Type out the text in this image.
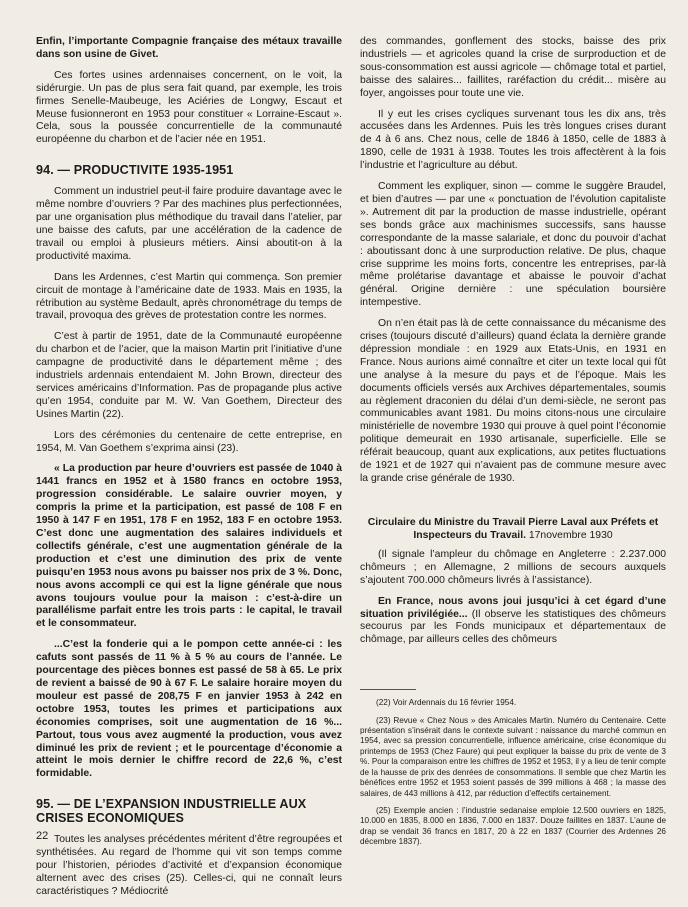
Enfin, l’importante Compagnie française des métaux travaille dans son usine de Givet.

Ces fortes usines ardennaises concernent, on le voit, la sidérurgie. Un pas de plus sera fait quand, par exemple, les trois firmes Senelle-Maubeuge, les Aciéries de Longwy, Escaut et Meuse fusionneront en 1953 pour constituer « Lorraine-Escaut ». Cela, sous la poussée concurrentielle de la communauté européenne du charbon et de l’acier née en 1951.

94. — PRODUCTIVITE 1935-1951

Comment un industriel peut-il faire produire davantage avec le même nombre d’ouvriers ? Par des machines plus perfectionnées, par une organisation plus méthodique du travail dans l’atelier, par une baisse des cafuts, par une accélération de la cadence de travail ou emploi à plusieurs métiers. Ainsi aboutit-on à la productivité maxima.

Dans les Ardennes, c’est Martin qui commença. Son premier circuit de montage à l’américaine date de 1933. Mais en 1935, la rétribution au système Bedault, après chronométrage du temps de travail, provoqua des grèves de protestation contre les normes.

C’est à partir de 1951, date de la Communauté européenne du charbon et de l’acier, que la maison Martin prit l’initiative d’une campagne de productivité dans le département même ; des industriels ardennais entendaient M. John Brown, directeur des services américains d’Information. Pas de propagande plus active qu’en 1954, conduite par M. W. Van Goethem, Directeur des Usines Martin (22).

Lors des cérémonies du centenaire de cette entreprise, en 1954, M. Van Goethem s’exprima ainsi (23).

« La production par heure d’ouvriers est passée de 1040 à 1441 francs en 1952 et à 1580 francs en octobre 1953, progression considérable. Le salaire ouvrier moyen, y compris la prime et la participation, est passé de 108 F en 1950 à 147 F en 1951, 178 F en 1952, 183 F en octobre 1953. C’est donc une augmentation des salaires individuels et collectifs générale, c’est une augmentation générale de la production et c’est une diminution des prix de vente puisqu’en 1953 nous avons pu baisser nos prix de 3 %. Donc, nous avons accompli ce qui est la ligne générale que nous avons toujours voulue pour la maison : c’est-à-dire un parallélisme parfait entre les trois parts : le capital, le travail et le consommateur.

...C’est la fonderie qui a le pompon cette année-ci : les cafuts sont passés de 11 % à 5 % au cours de l’année. Le pourcentage des pièces bonnes est passé de 58 à 65. Le prix de revient a baissé de 90 à 67 F. Le salaire horaire moyen du mouleur est passé de 208,75 F en janvier 1953 à 242 en octobre 1953, toutes les primes et participations aux économies comprises, soit une augmentation de 16 %... Partout, tous vous avez augmenté la production, vous avez diminué les prix de revient ; et le pourcentage d’économie a atteint le mois dernier le chiffre record de 22,6 %, c’est formidable.

95. — DE L’EXPANSION INDUSTRIELLE AUX CRISES ECONOMIQUES

Toutes les analyses précédentes méritent d’être regroupées et synthétisées. Au regard de l’homme qui vit son temps comme pour l’historien, périodes d’activité et d’expansion économique alternent avec des crises (25). Celles-ci, qui ne connaît leurs caractéristiques ? Médiocrité

des commandes, gonflement des stocks, baisse des prix industriels — et agricoles quand la crise de surproduction et de sous-consommation est aussi agricole — chômage total et partiel, baisse des salaires... faillites, raréfaction du crédit... misère au foyer, angoisses pour toute une vie.

Il y eut les crises cycliques survenant tous les dix ans, très accusées dans les Ardennes. Puis les très longues crises durant de 4 à 6 ans. Chez nous, celle de 1846 à 1850, celle de 1883 à 1890, celle de 1931 à 1938. Toutes les trois affectèrent à la fois l’industrie et l’agriculture au début.

Comment les expliquer, sinon — comme le suggère Braudel, et bien d’autres — par une « ponctuation de l’évolution capitaliste ». Autrement dit par la production de masse industrielle, opérant ses bonds grâce aux machinismes successifs, sans hausse correspondante de la masse salariale, et donc du pouvoir d’achat : aboutissant donc à une surproduction relative. De plus, chaque crise supprime les moins forts, concentre les entreprises, par-là même prolétarise davantage et abaisse le pouvoir d’achat général. Origine dernière : une spéculation boursière intempestive.

On n’en était pas là de cette connaissance du mécanisme des crises (toujours discuté d’ailleurs) quand éclata la dernière grande dépression mondiale : en 1929 aux Etats-Unis, en 1931 en France. Nous aurions aimé connaître et citer un texte local qui fût une analyse à la mesure du pays et de l’époque. Mais les documents officiels versés aux Archives départementales, soumis au règlement draconien du délai d’un demi-siècle, ne seront pas communicables avant 1981. Du moins citons-nous une circulaire ministérielle de novembre 1930 qui prouve à quel point l’économie politique demeurait en 1930 artisanale, superficielle. Elle se référait beaucoup, quant aux explications, aux petites fluctuations de 1921 et de 1927 qui n’avaient pas de commune mesure avec la grande crise générale de 1930.

Circulaire du Ministre du Travail Pierre Laval aux Préfets et Inspecteurs du Travail. 17novembre 1930

(Il signale l’ampleur du chômage en Angleterre : 2.237.000 chômeurs ; en Allemagne, 2 millions de secours auxquels s’ajoutent 700.000 chômeurs livrés à l’assistance).

En France, nous avons joui jusqu’ici à cet égard d’une situation privilégiée... (Il observe les statistiques des chômeurs secourus par les Fonds municipaux et départementaux de chômage, par ailleurs celles des chômeurs

(22) Voir Ardennais du 16 février 1954.

(23) Revue « Chez Nous » des Amicales Martin. Numéro du Centenaire. Cette présentation s’insérait dans le contexte suivant : naissance du marché commun en 1954, avec sa pression concurrentielle, influence américaine, crise économique du printemps de 1953 (Chez Faure) qui peut expliquer la baisse du prix de vente de 3 %. Pour la comparaison entre les chiffres de 1952 et 1953, il y a lieu de tenir compte de la hausse de prix des denrées de consommations. Il semble que chez Martin les bénéfices entre 1952 et 1953 soient passés de 399 millions à 468 ; la masse des salaires, de 443 millions à 412, par réduction d’effectifs certainement.

(25) Exemple ancien : l’industrie sedanaise emploie 12.500 ouvriers en 1825, 10.000 en 1835, 8.000 en 1836, 7.000 en 1837. Douze faillites en 1837. L’aune de drap se vendait 36 francs en 1817, 20 à 22 en 1837 (Courrier des Ardennes 26 décembre 1837).

22
